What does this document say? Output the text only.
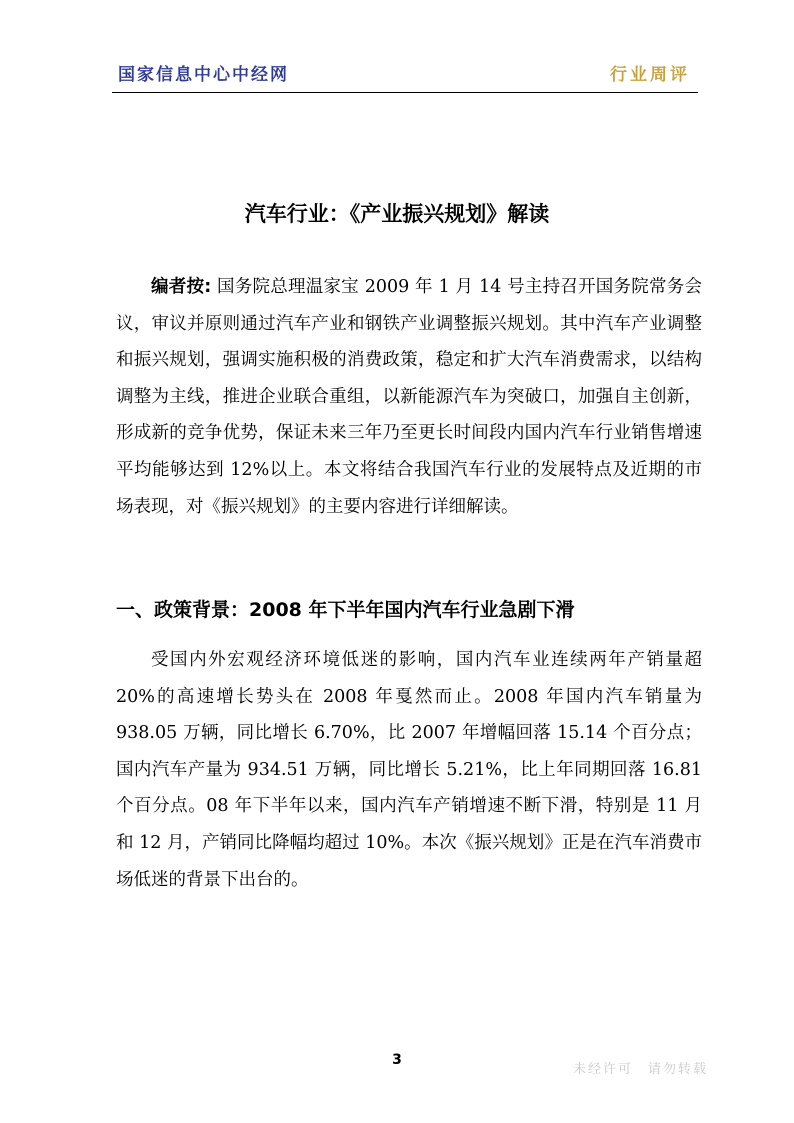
国家信息中心中经网	行业周评
汽车行业：《产业振兴规划》解读

编者按: 国务院总理温家宝 2009 年 1 月 14 号主持召开国务院常务会议，审议并原则通过汽车产业和钢铁产业调整振兴规划。其中汽车产业调整和振兴规划，强调实施积极的消费政策，稳定和扩大汽车消费需求，以结构调整为主线，推进企业联合重组，以新能源汽车为突破口，加强自主创新，形成新的竞争优势，保证未来三年乃至更长时间段内国内汽车行业销售增速平均能够达到 12%以上。本文将结合我国汽车行业的发展特点及近期的市场表现，对《振兴规划》的主要内容进行详细解读。

一、政策背景：2008 年下半年国内汽车行业急剧下滑

受国内外宏观经济环境低迷的影响，国内汽车业连续两年产销量超 20%的高速增长势头在 2008 年戛然而止。2008 年国内汽车销量为 938.05 万辆，同比增长 6.70%，比 2007 年增幅回落 15.14 个百分点；国内汽车产量为 934.51 万辆，同比增长 5.21%，比上年同期回落 16.81 个百分点。08 年下半年以来，国内汽车产销增速不断下滑，特别是 11 月和 12 月，产销同比降幅均超过 10%。本次《振兴规划》正是在汽车消费市场低迷的背景下出台的。

3
未经许可　请勿转载
